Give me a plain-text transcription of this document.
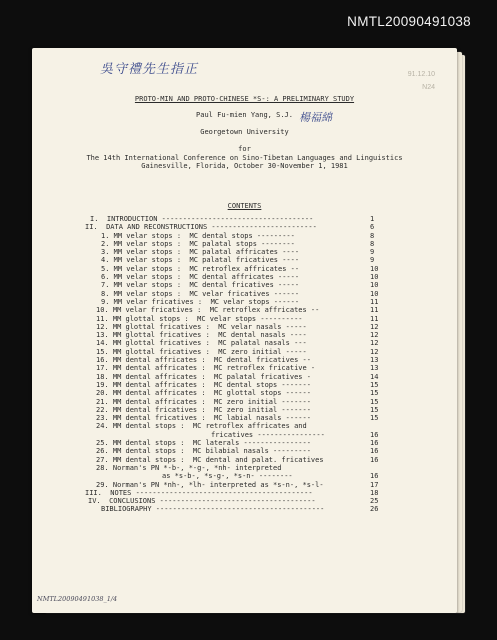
NMTL20090491038
吳守禮先生指正	91.12.10
N24
PROTO-MIN AND PROTO-CHINESE *S-: A PRELIMINARY STUDY
Paul Fu-mien Yang, S.J. 楊福綿
Georgetown University
for
The 14th International Conference on Sino-Tibetan Languages and Linguistics
Gainesville, Florida, October 30-November 1, 1981
CONTENTS
I.  INTRODUCTION ------------------------------------	1
II.  DATA AND RECONSTRUCTIONS -------------------------	6
1. MM velar stops :  MC dental stops ---------	8
2. MM velar stops :  MC palatal stops --------	8
3. MM velar stops :  MC palatal affricates ----	9
4. MM velar stops :  MC palatal fricatives ----	9
5. MM velar stops :  MC retroflex affricates --	10
6. MM velar stops :  MC dental affricates -----	10
7. MM velar stops :  MC dental fricatives -----	10
8. MM velar stops :  MC velar fricatives ------	10
9. MM velar fricatives :  MC velar stops ------	11
10. MM velar fricatives :  MC retroflex affricates --	11
11. MM glottal stops :  MC velar stops ----------	11
12. MM glottal fricatives :  MC velar nasals -----	12
13. MM glottal fricatives :  MC dental nasals ----	12
14. MM glottal fricatives :  MC palatal nasals ---	12
15. MM glottal fricatives :  MC zero initial -----	12
16. MM dental affricates :  MC dental fricatives --	13
17. MM dental affricates :  MC retroflex fricative -	13
18. MM dental affricates :  MC palatal fricatives -	14
19. MM dental affricates :  MC dental stops -------	15
20. MM dental affricates :  MC glottal stops ------	15
21. MM dental affricates :  MC zero initial -------	15
22. MM dental fricatives :  MC zero initial -------	15
23. MM dental fricatives :  MC labial nasals ------	15
24. MM dental stops :  MC retroflex affricates and
fricatives ----------------	16
25. MM dental stops :  MC laterals ----------------	16
26. MM dental stops :  MC bilabial nasals ---------	16
27. MM dental stops :  MC dental and palat. fricatives	16
28. Norman's PN *-b-, *-g-, *nh- interpreted
as *s-b-, *s-g-, *s-n- --------	16
29. Norman's PN *nh-, *lh- interpreted as *s-n-, *s-l-	17
III.  NOTES ------------------------------------------	18
IV.  CONCLUSIONS -------------------------------------	25
BIBLIOGRAPHY ----------------------------------------	26
NMTL20090491038_1/4
